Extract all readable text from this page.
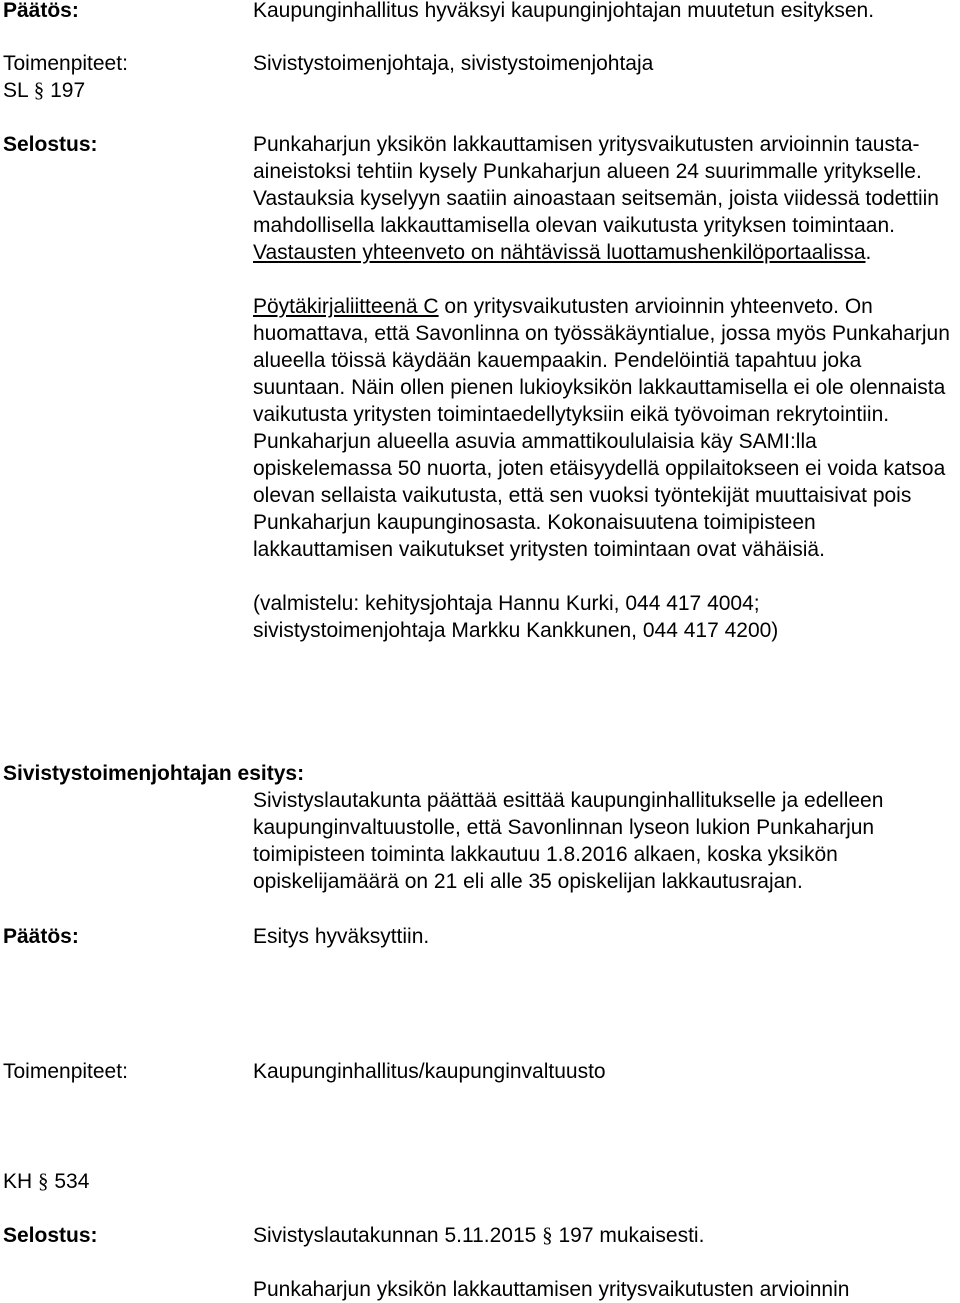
Päätös:	Kaupunginhallitus hyväksyi kaupunginjohtajan muutetun esityksen.
Toimenpiteet:	Sivistystoimenjohtaja, sivistystoimenjohtaja
SL § 197
Selostus:	Punkaharjun yksikön lakkauttamisen yritysvaikutusten arvioinnin tausta-aineistoksi tehtiin kysely Punkaharjun alueen 24 suurimmalle yritykselle. Vastauksia kyselyyn saatiin ainoastaan seitsemän, joista viidessä todettiin mahdollisella lakkauttamisella olevan vaikutusta yrityksen toimintaan. Vastausten yhteenveto on nähtävissä luottamushenkilöportaalissa.

Pöytäkirjaliitteenä C on yritysvaikutusten arvioinnin yhteenveto. On huomattava, että Savonlinna on työssäkäyntialue, jossa myös Punkaharjun alueella töissä käydään kauempaakin. Pendelöintiä tapahtuu joka suuntaan. Näin ollen pienen lukioyksikön lakkauttamisella ei ole olennaista vaikutusta yritysten toimintaedellytyksiin eikä työvoiman rekrytointiin. Punkaharjun alueella asuvia ammattikoululaisia käy SAMI:lla opiskelemassa 50 nuorta, joten etäisyydellä oppilaitokseen ei voida katsoa olevan sellaista vaikutusta, että sen vuoksi työntekijät muuttaisivat pois Punkaharjun kaupunginosasta. Kokonaisuutena toimipisteen lakkauttamisen vaikutukset yritysten toimintaan ovat vähäisiä.

(valmistelu: kehitysjohtaja Hannu Kurki, 044 417 4004;
sivistystoimenjohtaja Markku Kankkunen, 044 417 4200)

Sivistystoimenjohtajan esitys:
Sivistyslautakunta päättää esittää kaupunginhallitukselle ja edelleen kaupunginvaltuustolle, että Savonlinnan lyseon lukion Punkaharjun toimipisteen toiminta lakkautuu 1.8.2016 alkaen, koska yksikön opiskelijamäärä on 21 eli alle 35 opiskelijan lakkautusrajan.
Päätös:	Esitys hyväksyttiin.
Toimenpiteet:	Kaupunginhallitus/kaupunginvaltuusto
KH § 534
Selostus:	Sivistyslautakunnan 5.11.2015 § 197 mukaisesti.
Punkaharjun yksikön lakkauttamisen yritysvaikutusten arvioinnin
